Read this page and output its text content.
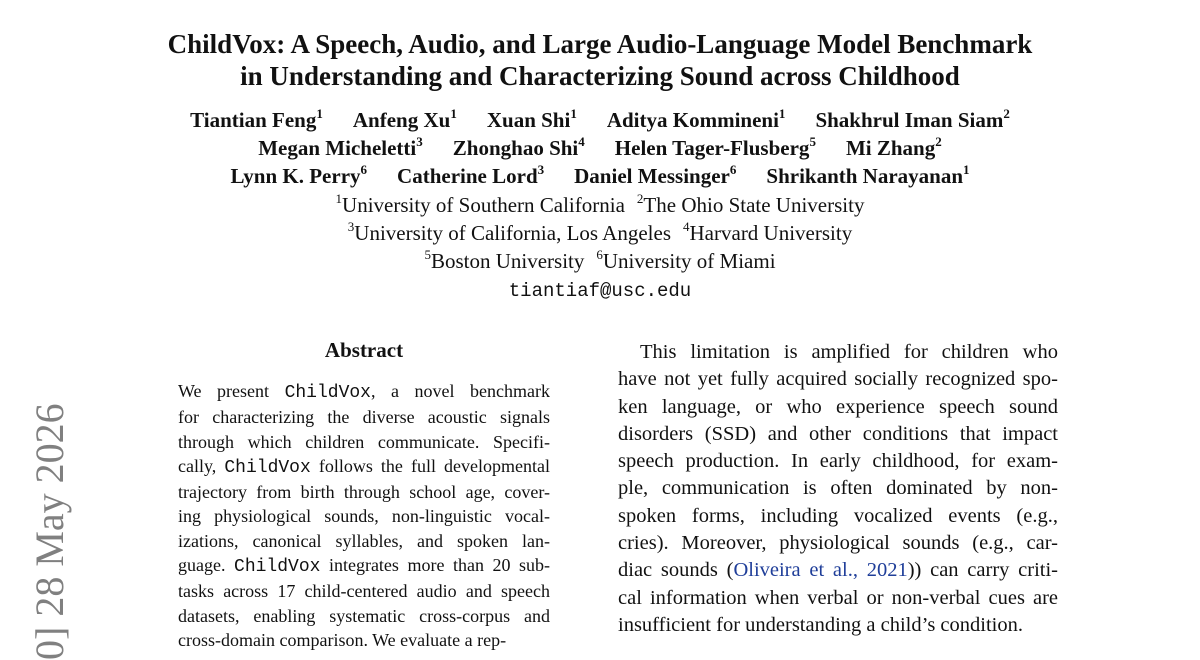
ChildVox: A Speech, Audio, and Large Audio-Language Model Benchmark
in Understanding and Characterizing Sound across Childhood
Tiantian Feng$^1$ Anfeng Xu$^1$ Xuan Shi$^1$ Aditya Kommineni$^1$ Shakhrul Iman Siam$^2$
Megan Micheletti$^3$ Zhonghao Shi$^4$ Helen Tager-Flusberg$^5$ Mi Zhang$^2$
Lynn K. Perry$^6$ Catherine Lord$^3$ Daniel Messinger$^6$ Shrikanth Narayanan$^1$
$^1$University of Southern California $^2$The Ohio State University
$^3$University of California, Los Angeles $^4$Harvard University
$^5$Boston University $^6$University of Miami
tiantiaf@usc.edu
0] 28 May 2026
Abstract
We present ChildVox, a novel benchmark
for characterizing the diverse acoustic signals
through which children communicate. Specifi-
cally, ChildVox follows the full developmental
trajectory from birth through school age, cover-
ing physiological sounds, non-linguistic vocal-
izations, canonical syllables, and spoken lan-
guage. ChildVox integrates more than 20 sub-
tasks across 17 child-centered audio and speech
datasets, enabling systematic cross-corpus and
cross-domain comparison. We evaluate a rep-
This limitation is amplified for children who
have not yet fully acquired socially recognized spo-
ken language, or who experience speech sound
disorders (SSD) and other conditions that impact
speech production. In early childhood, for exam-
ple, communication is often dominated by non-
spoken forms, including vocalized events (e.g.,
cries). Moreover, physiological sounds (e.g., car-
diac sounds (Oliveira et al., 2021)) can carry criti-
cal information when verbal or non-verbal cues are
insufficient for understanding a child’s condition.
